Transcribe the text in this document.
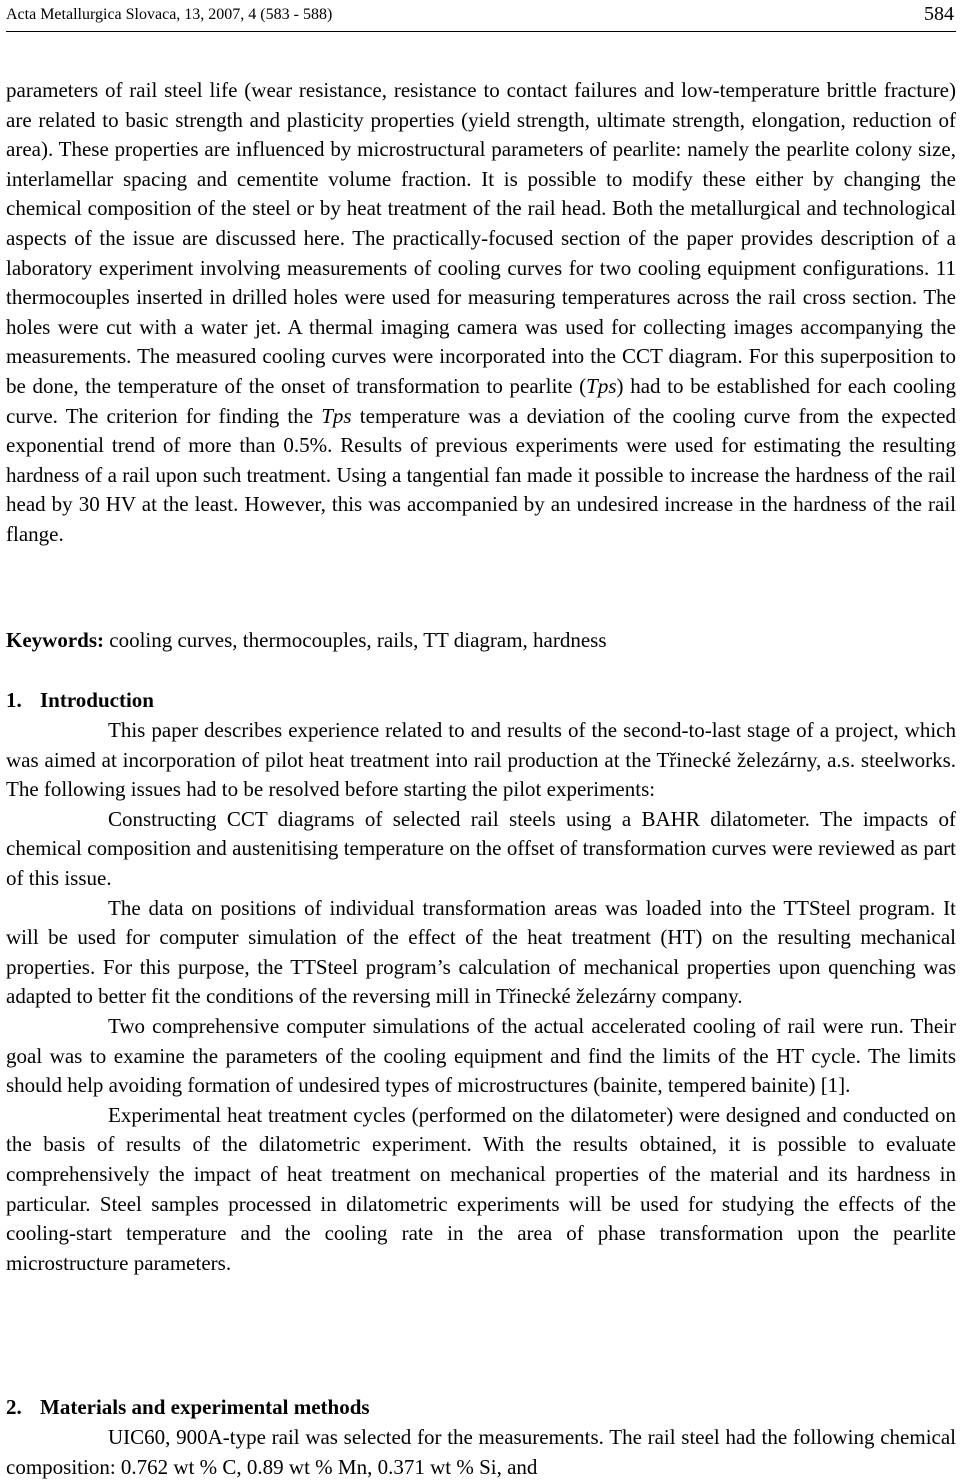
Acta Metallurgica Slovaca, 13, 2007, 4 (583 - 588)	584

parameters of rail steel life (wear resistance, resistance to contact failures and low-temperature brittle fracture) are related to basic strength and plasticity properties (yield strength, ultimate strength, elongation, reduction of area). These properties are influenced by microstructural parameters of pearlite: namely the pearlite colony size, interlamellar spacing and cementite volume fraction. It is possible to modify these either by changing the chemical composition of the steel or by heat treatment of the rail head. Both the metallurgical and technological aspects of the issue are discussed here. The practically-focused section of the paper provides description of a laboratory experiment involving measurements of cooling curves for two cooling equipment configurations. 11 thermocouples inserted in drilled holes were used for measuring temperatures across the rail cross section. The holes were cut with a water jet. A thermal imaging camera was used for collecting images accompanying the measurements. The measured cooling curves were incorporated into the CCT diagram. For this superposition to be done, the temperature of the onset of transformation to pearlite (Tps) had to be established for each cooling curve. The criterion for finding the Tps temperature was a deviation of the cooling curve from the expected exponential trend of more than 0.5%. Results of previous experiments were used for estimating the resulting hardness of a rail upon such treatment. Using a tangential fan made it possible to increase the hardness of the rail head by 30 HV at the least. However, this was accompanied by an undesired increase in the hardness of the rail flange.

Keywords: cooling curves, thermocouples, rails, TT diagram, hardness

1. Introduction

This paper describes experience related to and results of the second-to-last stage of a project, which was aimed at incorporation of pilot heat treatment into rail production at the Třinecké železárny, a.s. steelworks. The following issues had to be resolved before starting the pilot experiments:

Constructing CCT diagrams of selected rail steels using a BAHR dilatometer. The impacts of chemical composition and austenitising temperature on the offset of transformation curves were reviewed as part of this issue.

The data on positions of individual transformation areas was loaded into the TTSteel program. It will be used for computer simulation of the effect of the heat treatment (HT) on the resulting mechanical properties. For this purpose, the TTSteel program’s calculation of mechanical properties upon quenching was adapted to better fit the conditions of the reversing mill in Třinecké železárny company.

Two comprehensive computer simulations of the actual accelerated cooling of rail were run. Their goal was to examine the parameters of the cooling equipment and find the limits of the HT cycle. The limits should help avoiding formation of undesired types of microstructures (bainite, tempered bainite) [1].

Experimental heat treatment cycles (performed on the dilatometer) were designed and conducted on the basis of results of the dilatometric experiment. With the results obtained, it is possible to evaluate comprehensively the impact of heat treatment on mechanical properties of the material and its hardness in particular. Steel samples processed in dilatometric experiments will be used for studying the effects of the cooling-start temperature and the cooling rate in the area of phase transformation upon the pearlite microstructure parameters.

2. Materials and experimental methods

UIC60, 900A-type rail was selected for the measurements. The rail steel had the following chemical composition: 0.762 wt % C, 0.89 wt % Mn, 0.371 wt % Si, and
